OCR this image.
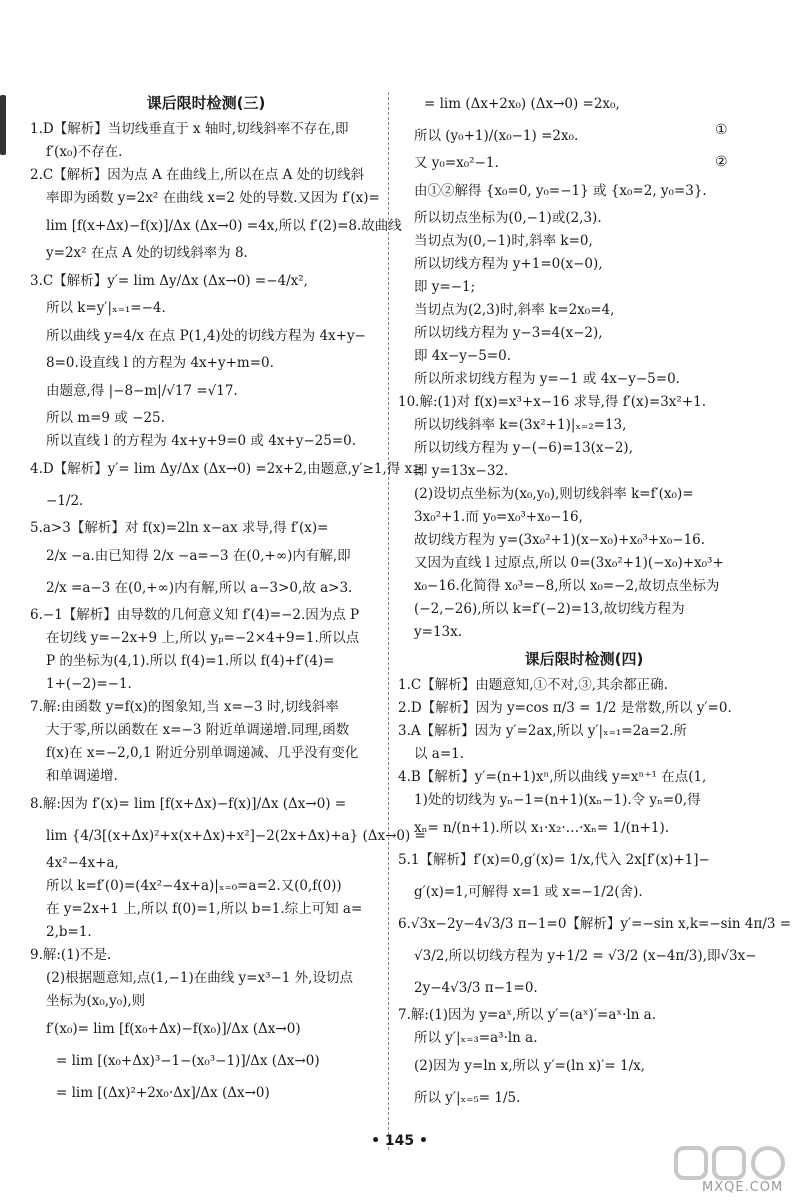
课后限时检测(三)
1.D【解析】当切线垂直于 x 轴时,切线斜率不存在,即
f′(x₀)不存在.
2.C【解析】因为点 A 在曲线上,所以在点 A 处的切线斜
率即为函数 y=2x² 在曲线 x=2 处的导数.又因为 f′(x)=
lim [f(x+Δx)−f(x)]/Δx (Δx→0) =4x,所以 f′(2)=8.故曲线
y=2x² 在点 A 处的切线斜率为 8.
3.C【解析】y′= lim Δy/Δx (Δx→0) =−4/x²,
所以 k=y′|ₓ₌₁=−4.
所以曲线 y=4/x 在点 P(1,4)处的切线方程为 4x+y−
8=0.设直线 l 的方程为 4x+y+m=0.
由题意,得 |−8−m|/√17 =√17.
所以 m=9 或 −25.
所以直线 l 的方程为 4x+y+9=0 或 4x+y−25=0.
4.D【解析】y′= lim Δy/Δx (Δx→0) =2x+2,由题意,y′≥1,得 x≥
−1/2.
5.a>3【解析】对 f(x)=2ln x−ax 求导,得 f′(x)=
2/x −a.由已知得 2/x −a=−3 在(0,+∞)内有解,即
2/x =a−3 在(0,+∞)内有解,所以 a−3>0,故 a>3.
6.−1【解析】由导数的几何意义知 f′(4)=−2.因为点 P
在切线 y=−2x+9 上,所以 yₚ=−2×4+9=1.所以点
P 的坐标为(4,1).所以 f(4)=1.所以 f(4)+f′(4)=
1+(−2)=−1.
7.解:由函数 y=f(x)的图象知,当 x=−3 时,切线斜率
大于零,所以函数在 x=−3 附近单调递增.同理,函数
f(x)在 x=−2,0,1 附近分别单调递减、几乎没有变化
和单调递增.
8.解:因为 f′(x)= lim [f(x+Δx)−f(x)]/Δx (Δx→0) =
lim {4/3[(x+Δx)²+x(x+Δx)+x²]−2(2x+Δx)+a} (Δx→0) =
4x²−4x+a,
所以 k=f′(0)=(4x²−4x+a)|ₓ₌₀=a=2.又(0,f(0))
在 y=2x+1 上,所以 f(0)=1,所以 b=1.综上可知 a=
2,b=1.
9.解:(1)不是.
(2)根据题意知,点(1,−1)在曲线 y=x³−1 外,设切点
坐标为(x₀,y₀),则
f′(x₀)= lim [f(x₀+Δx)−f(x₀)]/Δx (Δx→0)
= lim [(x₀+Δx)³−1−(x₀³−1)]/Δx (Δx→0)
= lim [(Δx)²+2x₀·Δx]/Δx (Δx→0)
= lim (Δx+2x₀) (Δx→0) =2x₀,
所以 (y₀+1)/(x₀−1) =2x₀.
又 y₀=x₀²−1.
由①②解得 {x₀=0, y₀=−1} 或 {x₀=2, y₀=3}.
所以切点坐标为(0,−1)或(2,3).
当切点为(0,−1)时,斜率 k=0,
所以切线方程为 y+1=0(x−0),
即 y=−1;
当切点为(2,3)时,斜率 k=2x₀=4,
所以切线方程为 y−3=4(x−2),
即 4x−y−5=0.
所以所求切线方程为 y=−1 或 4x−y−5=0.
10.解:(1)对 f(x)=x³+x−16 求导,得 f′(x)=3x²+1.
所以切线斜率 k=(3x²+1)|ₓ₌₂=13,
所以切线方程为 y−(−6)=13(x−2),
即 y=13x−32.
(2)设切点坐标为(x₀,y₀),则切线斜率 k=f′(x₀)=
3x₀²+1.而 y₀=x₀³+x₀−16,
故切线方程为 y=(3x₀²+1)(x−x₀)+x₀³+x₀−16.
又因为直线 l 过原点,所以 0=(3x₀²+1)(−x₀)+x₀³+
x₀−16.化简得 x₀³=−8,所以 x₀=−2,故切点坐标为
(−2,−26),所以 k=f′(−2)=13,故切线方程为
y=13x.
课后限时检测(四)
1.C【解析】由题意知,①不对,③,其余都正确.
2.D【解析】因为 y=cos π/3 = 1/2 是常数,所以 y′=0.
3.A【解析】因为 y′=2ax,所以 y′|ₓ₌₁=2a=2.所
以 a=1.
4.B【解析】y′=(n+1)xⁿ,所以曲线 y=xⁿ⁺¹ 在点(1,
1)处的切线为 yₙ−1=(n+1)(xₙ−1).令 yₙ=0,得
xₙ= n/(n+1).所以 x₁·x₂·…·xₙ= 1/(n+1).
5.1【解析】f′(x)=0,g′(x)= 1/x,代入 2x[f′(x)+1]−
g′(x)=1,可解得 x=1 或 x=−1/2(舍).
6.√3x−2y−4√3/3 π−1=0【解析】y′=−sin x,k=−sin 4π/3 =
√3/2,所以切线方程为 y+1/2 = √3/2 (x−4π/3),即√3x−
2y−4√3/3 π−1=0.
7.解:(1)因为 y=aˣ,所以 y′=(aˣ)′=aˣ·ln a.
所以 y′|ₓ₌₃=a³·ln a.
(2)因为 y=ln x,所以 y′=(ln x)′= 1/x,
所以 y′|ₓ₌₅= 1/5.
①
②
• 145 •
MXQE.COM
